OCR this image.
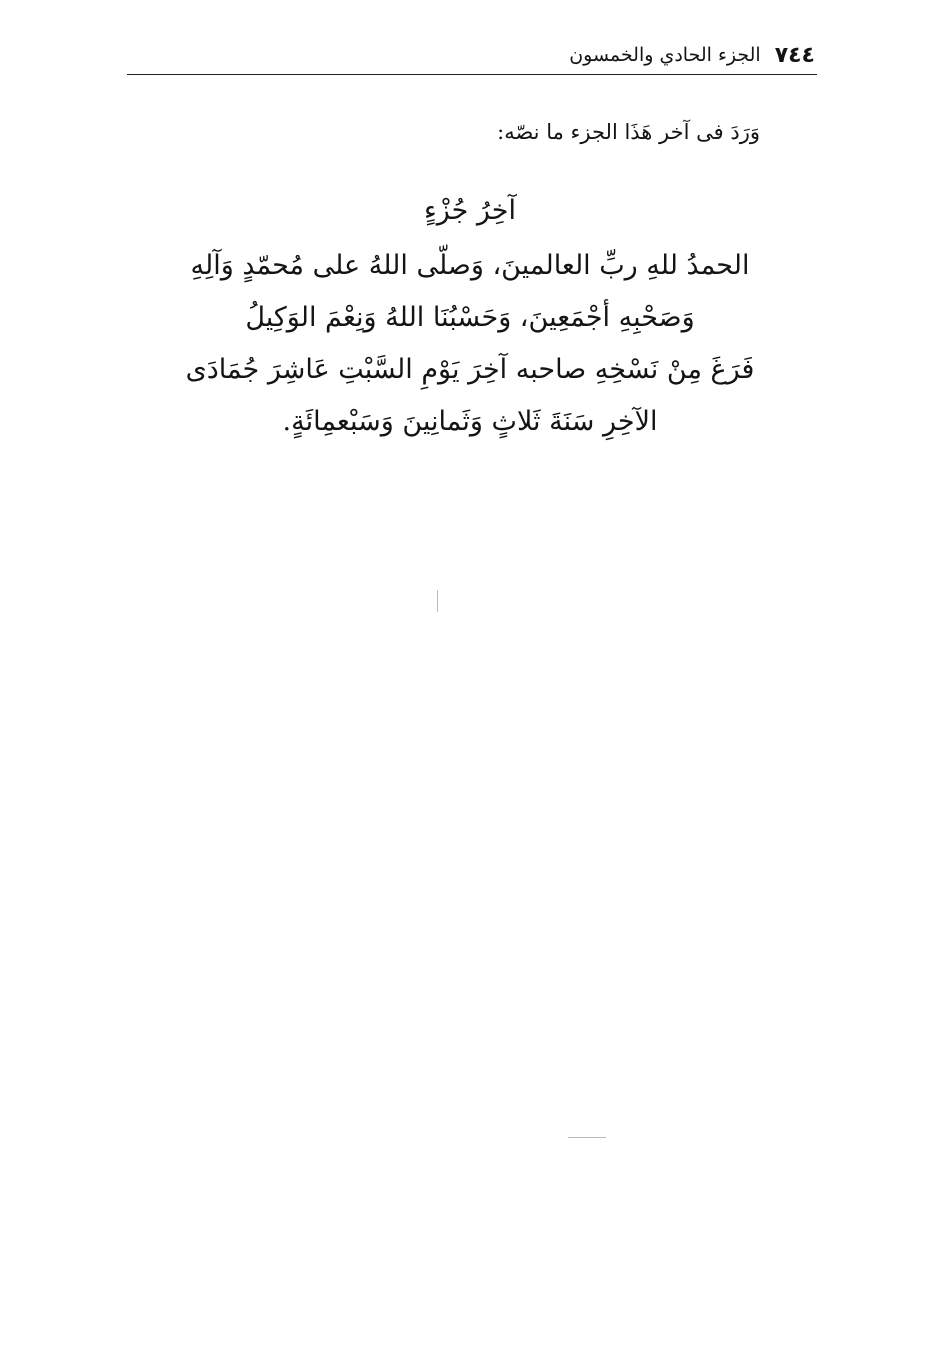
٧٤٤
الجزء الحادي والخمسون
وَرَدَ فى آخر هَذَا الجزء ما نصّه:
آخِرُ جُزْءٍ
الحمدُ للهِ ربِّ العالمينَ، وَصلّى اللهُ على مُحمّدٍ وَآلِهِ
وَصَحْبِهِ أجْمَعِينَ، وَحَسْبُنَا اللهُ وَنِعْمَ الوَكِيلُ
فَرَغَ مِنْ نَسْخِهِ صاحبه آخِرَ يَوْمِ السَّبْتِ عَاشِرَ جُمَادَى
الآخِرِ سَنَةَ ثَلاثٍ وَثَمانِينَ وَسَبْعمِائَةٍ.
